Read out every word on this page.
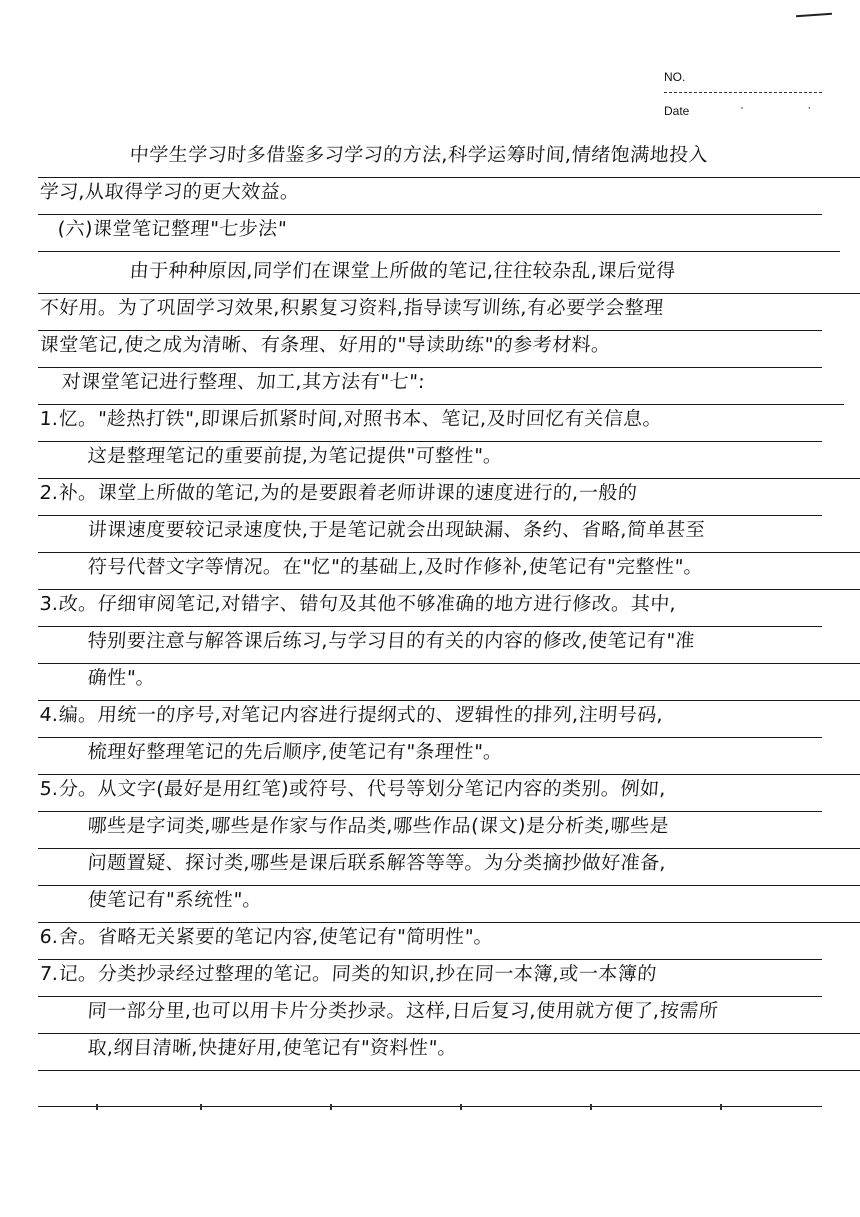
NO.
Date	· ·
中学生学习时多借鉴多习学习的方法,科学运筹时间,情绪饱满地投入
学习,从取得学习的更大效益。
(六)课堂笔记整理"七步法"
由于种种原因,同学们在课堂上所做的笔记,往往较杂乱,课后觉得
不好用。为了巩固学习效果,积累复习资料,指导读写训练,有必要学会整理
课堂笔记,使之成为清晰、有条理、好用的"导读助练"的参考材料。
对课堂笔记进行整理、加工,其方法有"七":
1.忆。"趁热打铁",即课后抓紧时间,对照书本、笔记,及时回忆有关信息。
这是整理笔记的重要前提,为笔记提供"可整性"。
2.补。课堂上所做的笔记,为的是要跟着老师讲课的速度进行的,一般的
讲课速度要较记录速度快,于是笔记就会出现缺漏、条约、省略,简单甚至
符号代替文字等情况。在"忆"的基础上,及时作修补,使笔记有"完整性"。
3.改。仔细审阅笔记,对错字、错句及其他不够准确的地方进行修改。其中,
特别要注意与解答课后练习,与学习目的有关的内容的修改,使笔记有"准
确性"。
4.编。用统一的序号,对笔记内容进行提纲式的、逻辑性的排列,注明号码,
梳理好整理笔记的先后顺序,使笔记有"条理性"。
5.分。从文字(最好是用红笔)或符号、代号等划分笔记内容的类别。例如,
哪些是字词类,哪些是作家与作品类,哪些作品(课文)是分析类,哪些是
问题置疑、探讨类,哪些是课后联系解答等等。为分类摘抄做好准备,
使笔记有"系统性"。
6.舍。省略无关紧要的笔记内容,使笔记有"简明性"。
7.记。分类抄录经过整理的笔记。同类的知识,抄在同一本簿,或一本簿的
同一部分里,也可以用卡片分类抄录。这样,日后复习,使用就方便了,按需所
取,纲目清晰,快捷好用,使笔记有"资料性"。
